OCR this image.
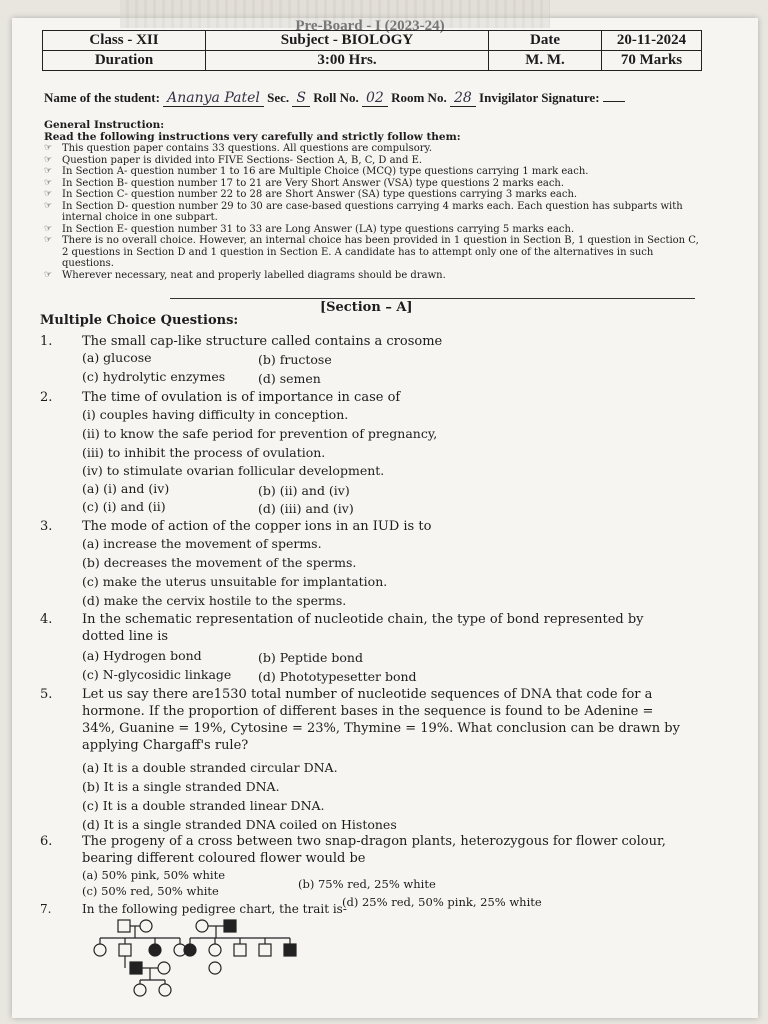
Pre-Board - I (2023-24)
Class - XII	Subject - BIOLOGY	Date	20-11-2024
Duration	3:00 Hrs.	M. M.	70 Marks
Name of the student: Ananya Patel Sec. S Roll No. 02 Room No. 28 Invigilator Signature:
General Instruction:
Read the following instructions very carefully and strictly follow them:
☞ This question paper contains 33 questions. All questions are compulsory.
☞ Question paper is divided into FIVE Sections- Section A, B, C, D and E.
☞ In Section A- question number 1 to 16 are Multiple Choice (MCQ) type questions carrying 1 mark each.
☞ In Section B- question number 17 to 21 are Very Short Answer (VSA) type questions 2 marks each.
☞ In Section C- question number 22 to 28 are Short Answer (SA) type questions carrying 3 marks each.
☞ In Section D- question number 29 to 30 are case-based questions carrying 4 marks each. Each question has subparts with internal choice in one subpart.
☞ In Section E- question number 31 to 33 are Long Answer (LA) type questions carrying 5 marks each.
☞ There is no overall choice. However, an internal choice has been provided in 1 question in Section B, 1 question in Section C, 2 questions in Section D and 1 question in Section E. A candidate has to attempt only one of the alternatives in such questions.
☞ Wherever necessary, neat and properly labelled diagrams should be drawn.
[Section – A]
Multiple Choice Questions:
1. The small cap-like structure called contains a crosome
(a) glucose	(b) fructose
(c) hydrolytic enzymes	(d) semen
2. The time of ovulation is of importance in case of
(i) couples having difficulty in conception.
(ii) to know the safe period for prevention of pregnancy,
(iii) to inhibit the process of ovulation.
(iv) to stimulate ovarian follicular development.
(a) (i) and (iv)	(b) (ii) and (iv)
(c) (i) and (ii)	(d) (iii) and (iv)
3. The mode of action of the copper ions in an IUD is to
(a) increase the movement of sperms.
(b) decreases the movement of the sperms.
(c) make the uterus unsuitable for implantation.
(d) make the cervix hostile to the sperms.
4. In the schematic representation of nucleotide chain, the type of bond represented by dotted line is
(a) Hydrogen bond	(b) Peptide bond
(c) N-glycosidic linkage (d) Phototypesetter bond
5. Let us say there are1530 total number of nucleotide sequences of DNA that code for a hormone. If the proportion of different bases in the sequence is found to be Adenine = 34%, Guanine = 19%, Cytosine = 23%, Thymine = 19%. What conclusion can be drawn by applying Chargaff's rule?
(a) It is a double stranded circular DNA.
(b) It is a single stranded DNA.
(c) It is a double stranded linear DNA.
(d) It is a single stranded DNA coiled on Histones
6. The progeny of a cross between two snap-dragon plants, heterozygous for flower colour, bearing different coloured flower would be
(a) 50% pink, 50% white
(b) 75% red, 25% white
(c) 50% red, 50% white
(d) 25% red, 50% pink, 25% white
7.	In the following pedigree chart, the trait is-
